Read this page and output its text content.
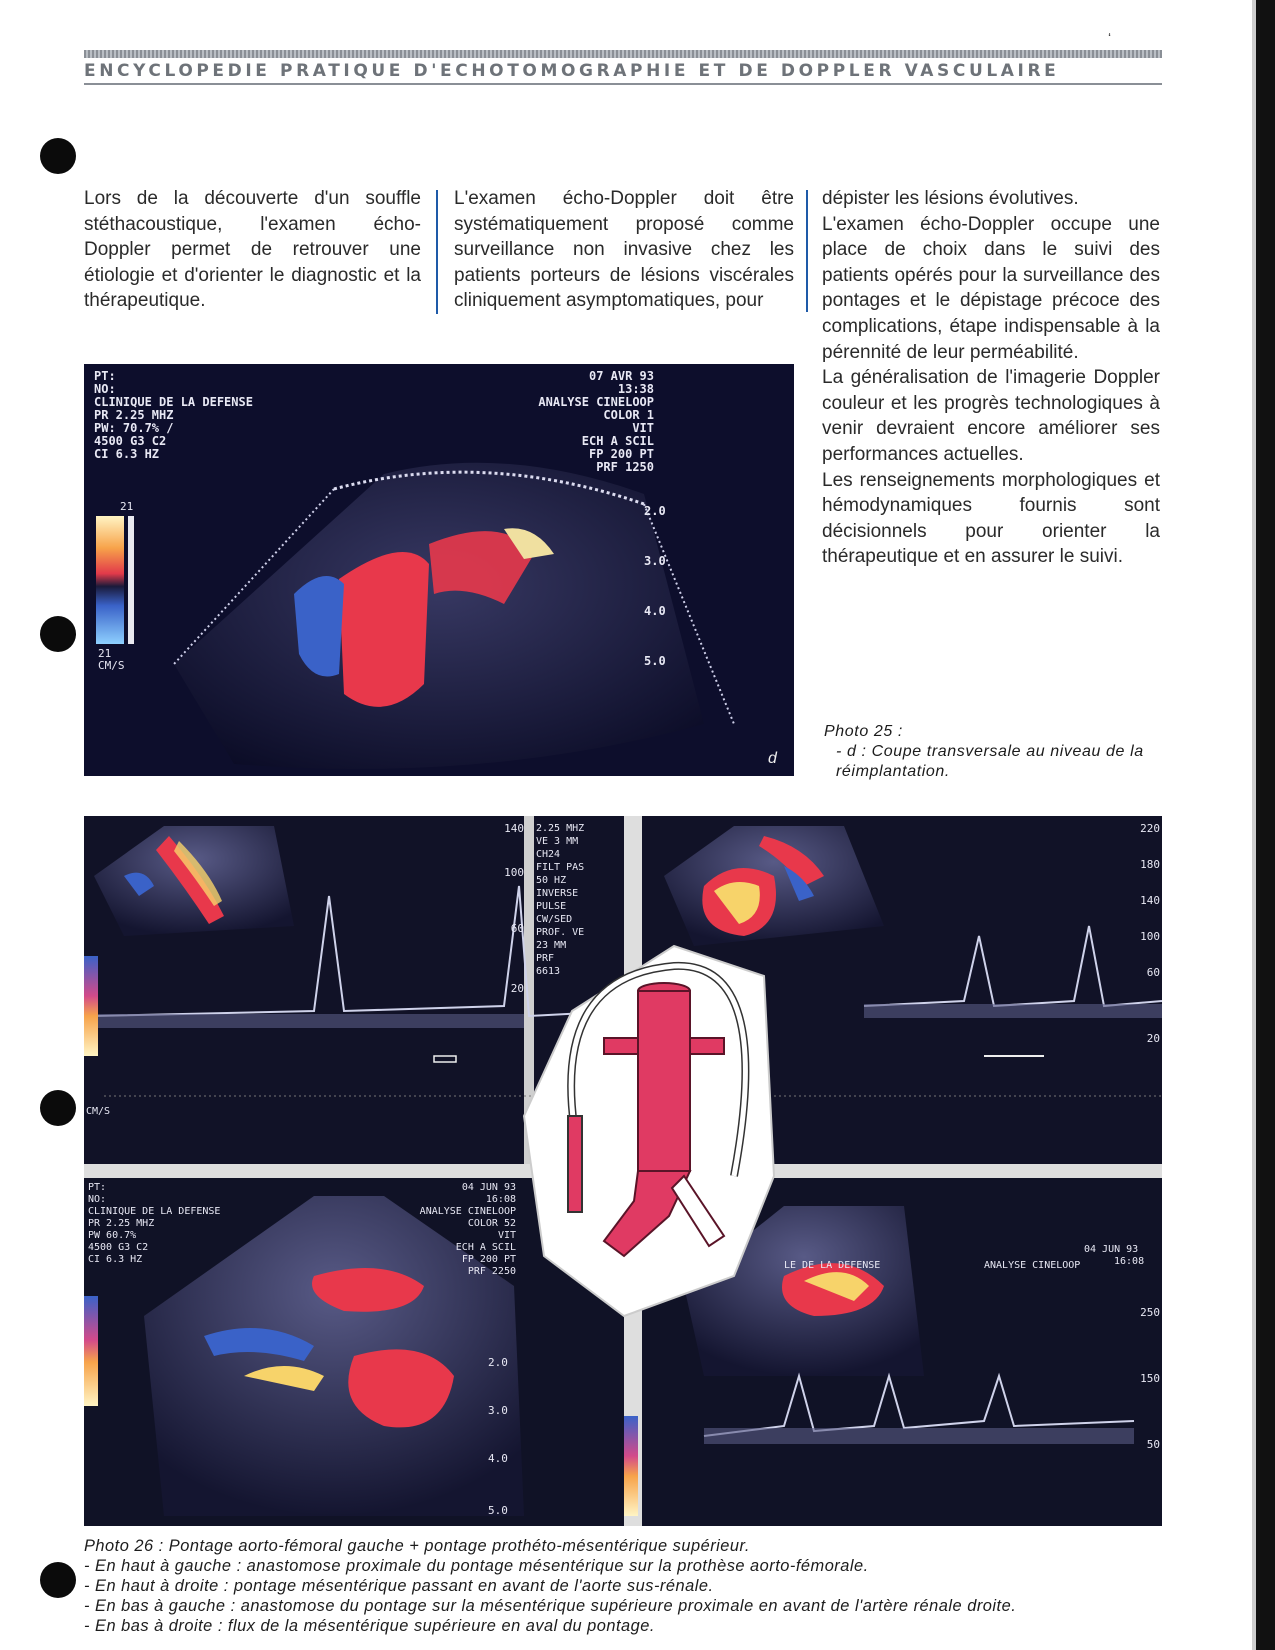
ENCYCLOPEDIE PRATIQUE D'ECHOTOMOGRAPHIE ET DE DOPPLER VASCULAIRE
ʻ

Lors de la découverte d'un souffle stéthacoustique, l'examen écho-Doppler permet de retrouver une étiologie et d'orienter le diagnostic et la thérapeutique.

L'examen écho-Doppler doit être systématiquement proposé comme surveillance non invasive chez les patients porteurs de lésions viscérales cliniquement asymptomatiques, pour

dépister les lésions évolutives.

L'examen écho-Doppler occupe une place de choix dans le suivi des patients opérés pour la surveillance des pontages et le dépistage précoce des complications, étape indispensable à la pérennité de leur perméabilité.

La généralisation de l'imagerie Doppler couleur et les progrès technologiques à venir devraient encore améliorer ses performances actuelles.

Les renseignements morphologiques et hémodynamiques fournis sont décisionnels pour orienter la thérapeutique et en assurer le suivi.

PT:
NO:
CLINIQUE DE LA DEFENSE
PR 2.25 MHZ
PW: 70.7% /
4500 G3 C2
CI 6.3 HZ
07 AVR 93
13:38
ANALYSE CINELOOP
COLOR 1
VIT
ECH A SCIL
FP 200 PT
PRF 1250
2.0
3.0
4.0
5.0
21
21
CM/S
d
Photo 25 :
- d : Coupe transversale au niveau de la réimplantation.
140
100
60
20
2.25 MHZ
VE 3 MM
CH24
FILT PAS
50 HZ
INVERSE
PULSE
CW/SED
PROF. VE
23 MM
PRF
6613
220
180
140
100
60
20
CM/S
PT:
NO:
CLINIQUE DE LA DEFENSE
PR 2.25 MHZ
PW 60.7%
4500 G3 C2
CI 6.3 HZ
04 JUN 93
16:08
ANALYSE CINELOOP
COLOR 52
VIT
ECH A SCIL
FP 200 PT
PRF 2250
2.0
3.0
4.0
5.0
LE DE LA DEFENSE	ANALYSE CINELOOP
04 JUN 93
16:08
250
150
50
Photo 26 : Pontage aorto-fémoral gauche + pontage prothéto-mésentérique supérieur.
- En haut à gauche : anastomose proximale du pontage mésentérique sur la prothèse aorto-fémorale.
- En haut à droite : pontage mésentérique passant en avant de l'aorte sus-rénale.
- En bas à gauche : anastomose du pontage sur la mésentérique supérieure proximale en avant de l'artère rénale droite.
- En bas à droite : flux de la mésentérique supérieure en aval du pontage.
